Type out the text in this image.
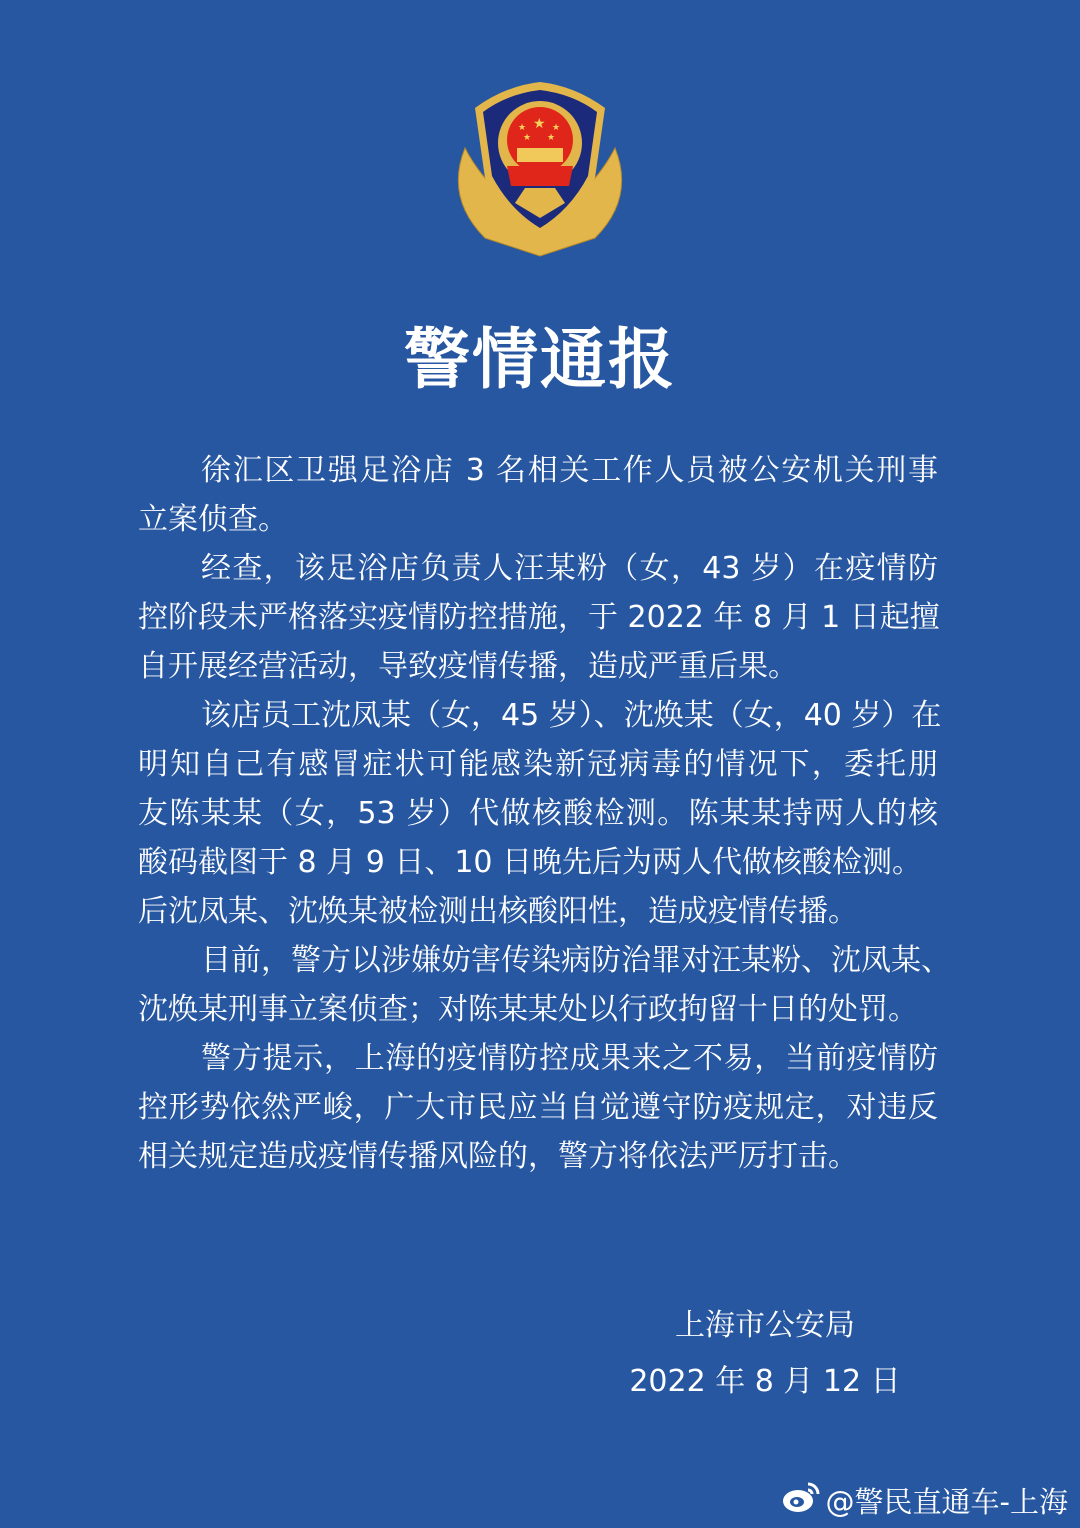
★
★	★
★ ★
警情通报
徐汇区卫强足浴店 3 名相关工作人员被公安机关刑事
立案侦查。
经查，该足浴店负责人汪某粉（女，43 岁）在疫情防
控阶段未严格落实疫情防控措施，于 2022 年 8 月 1 日起擅
自开展经营活动，导致疫情传播，造成严重后果。
该店员工沈凤某（女，45 岁）、沈焕某（女，40 岁）在
明知自己有感冒症状可能感染新冠病毒的情况下，委托朋
友陈某某（女，53 岁）代做核酸检测。陈某某持两人的核
酸码截图于 8 月 9 日、10 日晚先后为两人代做核酸检测。
后沈凤某、沈焕某被检测出核酸阳性，造成疫情传播。
目前，警方以涉嫌妨害传染病防治罪对汪某粉、沈凤某、
沈焕某刑事立案侦查；对陈某某处以行政拘留十日的处罚。
警方提示，上海的疫情防控成果来之不易，当前疫情防
控形势依然严峻，广大市民应当自觉遵守防疫规定，对违反
相关规定造成疫情传播风险的，警方将依法严厉打击。
上海市公安局
2022 年 8 月 12 日
@警民直通车-上海
